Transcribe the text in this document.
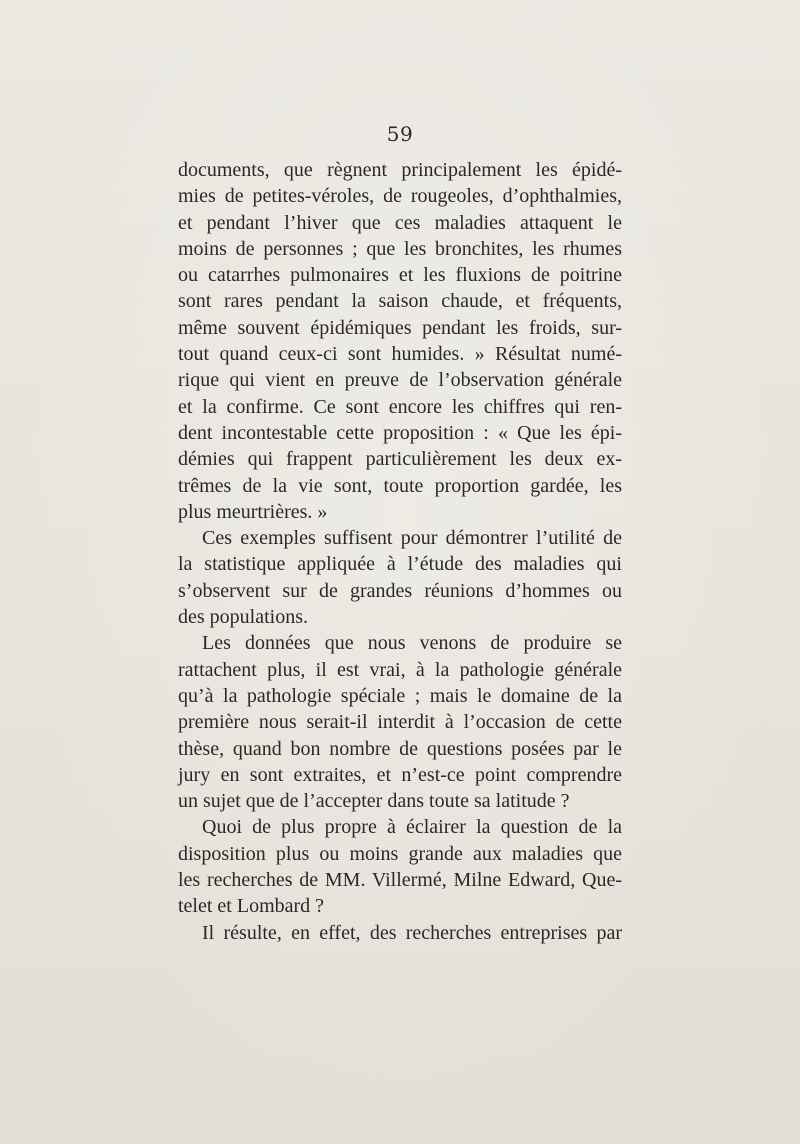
59
documents, que règnent principalement les épidé-
mies de petites-véroles, de rougeoles, d’ophthalmies,
et pendant l’hiver que ces maladies attaquent le
moins de personnes ; que les bronchites, les rhumes
ou catarrhes pulmonaires et les fluxions de poitrine
sont rares pendant la saison chaude, et fréquents,
même souvent épidémiques pendant les froids, sur-
tout quand ceux-ci sont humides. » Résultat numé-
rique qui vient en preuve de l’observation générale
et la confirme. Ce sont encore les chiffres qui ren-
dent incontestable cette proposition : « Que les épi-
démies qui frappent particulièrement les deux ex-
trêmes de la vie sont, toute proportion gardée, les
plus meurtrières. »
Ces exemples suffisent pour démontrer l’utilité de
la statistique appliquée à l’étude des maladies qui
s’observent sur de grandes réunions d’hommes ou
des populations.
Les données que nous venons de produire se
rattachent plus, il est vrai, à la pathologie générale
qu’à la pathologie spéciale ; mais le domaine de la
première nous serait-il interdit à l’occasion de cette
thèse, quand bon nombre de questions posées par le
jury en sont extraites, et n’est-ce point comprendre
un sujet que de l’accepter dans toute sa latitude ?
Quoi de plus propre à éclairer la question de la
disposition plus ou moins grande aux maladies que
les recherches de MM. Villermé, Milne Edward, Que-
telet et Lombard ?
Il résulte, en effet, des recherches entreprises par
